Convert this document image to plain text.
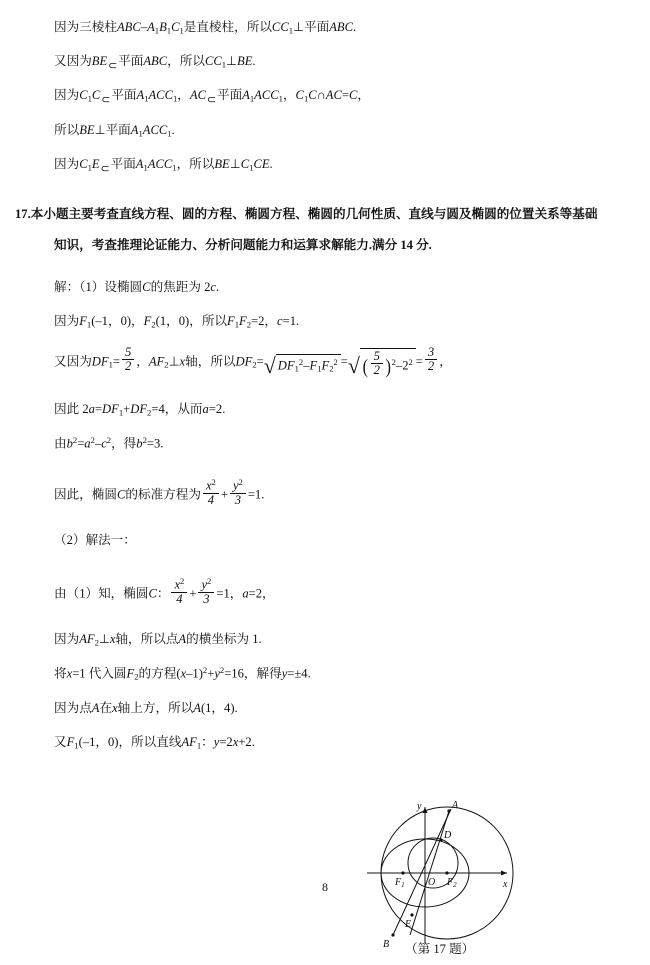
因为三棱柱ABC–A1B1C1是直棱柱，所以CC1⊥平面ABC.

又因为BE ⊂ 平面ABC，所以CC1⊥BE.

因为C1C ⊂ 平面A1ACC1，AC ⊂ 平面A1ACC1，C1C∩AC=C，

所以BE⊥平面A1ACC1.

因为C1E ⊂ 平面A1ACC1，所以BE⊥C1CE.

17.本小题主要考查直线方程、圆的方程、椭圆方程、椭圆的几何性质、直线与圆及椭圆的位置关系等基础

知识，考查推理论证能力、分析问题能力和运算求解能力.满分 14 分.

解：（1）设椭圆C的焦距为 2c.

因为F1(–1，0)，F2(1，0)，所以F1F2=2，c=1.

又因为$DF1= \frac{5}{2}$ ，AF2⊥x轴，所以DF2=√ $DF1^2-F1F2^2$ =√ ( $\frac{5}{2} )^2-2^2 = \frac{3}{2}$ ，

因此 2a=DF1+DF2=4，从而a=2.

由$b^2=a^2-c^2$，得$b^2=3$.

因此，椭圆C的标准方程为 $\frac{x^2}{4} + \frac{y^2}{3} =1$.

（2）解法一：

由（1）知，椭圆C： $\frac{x^2}{4} + \frac{y^2}{3} =1$，a=2，

因为AF2⊥x轴，所以点A的横坐标为 1.

将x=1 代入圆F2的方程$(x-1)^2+y^2=16$，解得y=±4.

因为点A在x轴上方，所以A(1，4).

又F1(–1，0)，所以直线AF1：y=2x+2.

y
x
A
D
O
$F_1$	$F_2$
B
E
（第 17 题）
8
